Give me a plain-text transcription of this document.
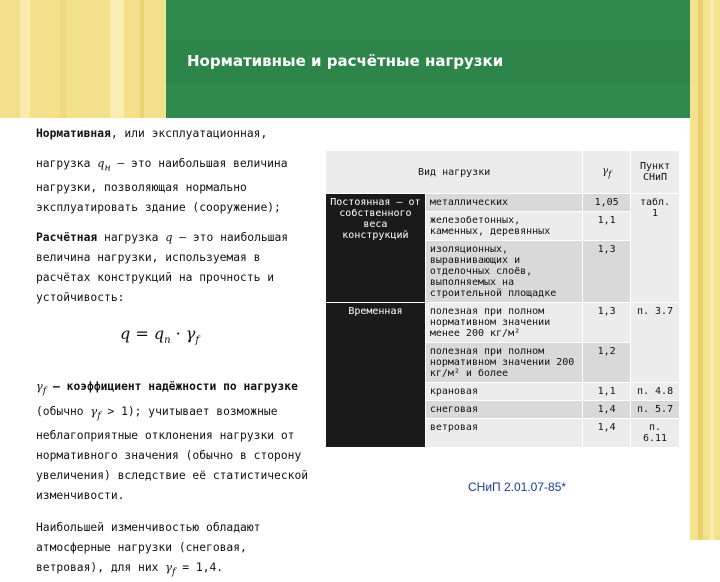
Нормативные и расчётные нагрузки

Нормативная, или эксплуатационная,

нагрузка $q_н$ – это наибольшая величина нагрузки, позволяющая нормально эксплуатировать здание (сооружение);

Расчётная нагрузка q – это наибольшая величина нагрузки, используемая в расчётах конструкций на прочность и устойчивость:

$q = q_n \cdot \gamma_f$

$\gamma_f$ – коэффициент надёжности по нагрузке (обычно $\gamma_f > 1$); учитывает возможные неблагоприятные отклонения нагрузки от нормативного значения (обычно в сторону увеличения) вследствие её статистической изменчивости.

Наибольшей изменчивостью обладают атмосферные нагрузки (снеговая, ветровая), для них $\gamma_f = 1,4$.

Вид нагрузки		$\gamma_f$	Пункт СНиП
Постоянная – от собственного веса конструкций	металлических	1,05	табл. 1
	железобетонных, каменных, деревянных	1,1	
	изоляционных, выравнивающих и отделочных слоёв, выполняемых на строительной площадке	1,3	
Временная	полезная при полном нормативном значении менее 200 кг/м²	1,3	п. 3.7
	полезная при полном нормативном значении 200 кг/м² и более	1,2	
	крановая	1,1	п. 4.8
	снеговая	1,4	п. 5.7
	ветровая	1,4	п. 6.11
СНиП 2.01.07-85*
